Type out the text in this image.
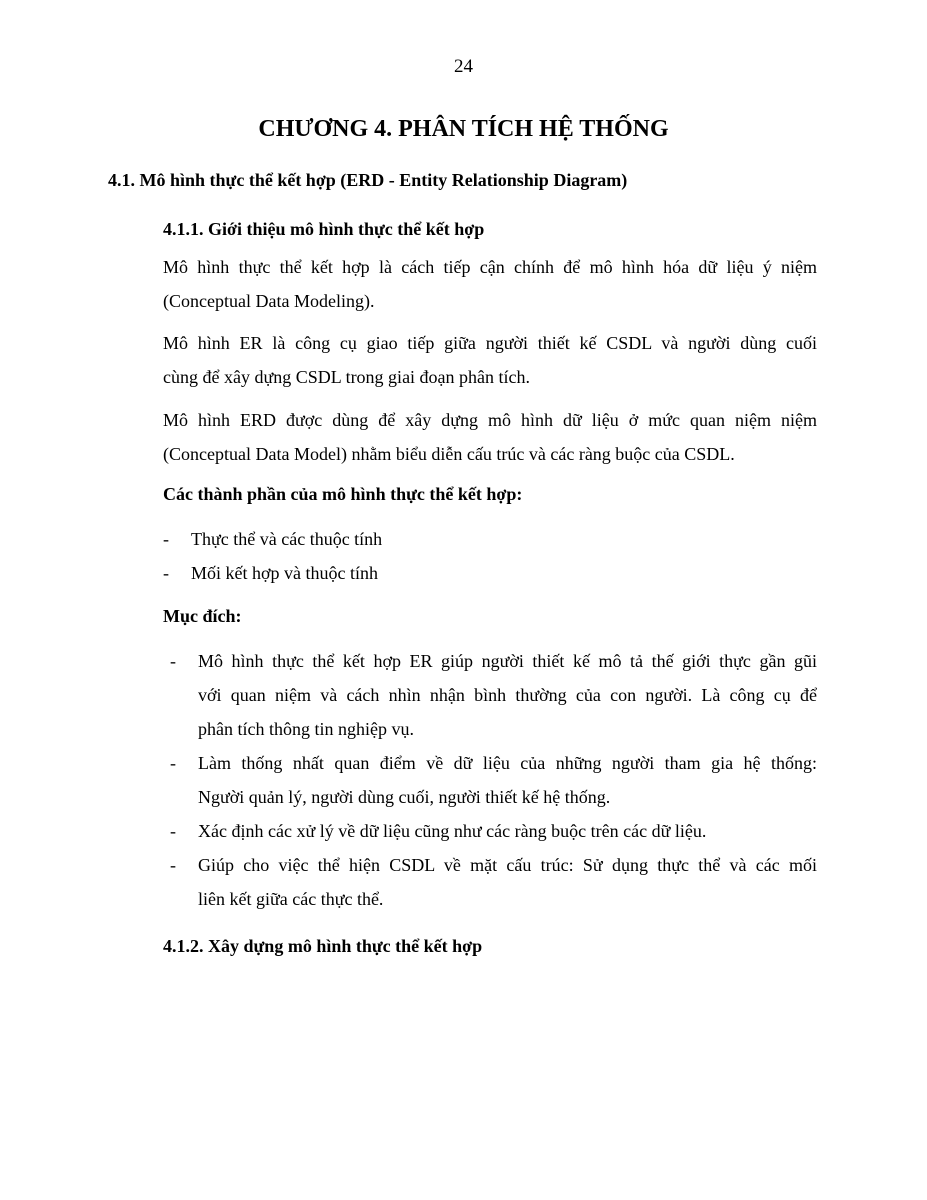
24
CHƯƠNG 4. PHÂN TÍCH HỆ THỐNG
4.1. Mô hình thực thể kết hợp (ERD - Entity Relationship Diagram)
4.1.1. Giới thiệu mô hình thực thể kết hợp
Mô hình thực thể kết hợp là cách tiếp cận chính để mô hình hóa dữ liệu ý niệm
(Conceptual Data Modeling).
Mô hình ER là công cụ giao tiếp giữa người thiết kế CSDL và người dùng cuối
cùng để xây dựng CSDL trong giai đoạn phân tích.
Mô hình ERD được dùng để xây dựng mô hình dữ liệu ở mức quan niệm niệm
(Conceptual Data Model) nhằm biểu diễn cấu trúc và các ràng buộc của CSDL.
Các thành phần của mô hình thực thể kết hợp:
- Thực thể và các thuộc tính
- Mối kết hợp và thuộc tính
Mục đích:
- Mô hình thực thể kết hợp ER giúp người thiết kế mô tả thế giới thực gần gũi
với quan niệm và cách nhìn nhận bình thường của con người. Là công cụ để
phân tích thông tin nghiệp vụ.
- Làm thống nhất quan điểm về dữ liệu của những người tham gia hệ thống:
Người quản lý, người dùng cuối, người thiết kế hệ thống.
- Xác định các xử lý về dữ liệu cũng như các ràng buộc trên các dữ liệu.
- Giúp cho việc thể hiện CSDL về mặt cấu trúc: Sử dụng thực thể và các mối
liên kết giữa các thực thể.
4.1.2. Xây dựng mô hình thực thể kết hợp
